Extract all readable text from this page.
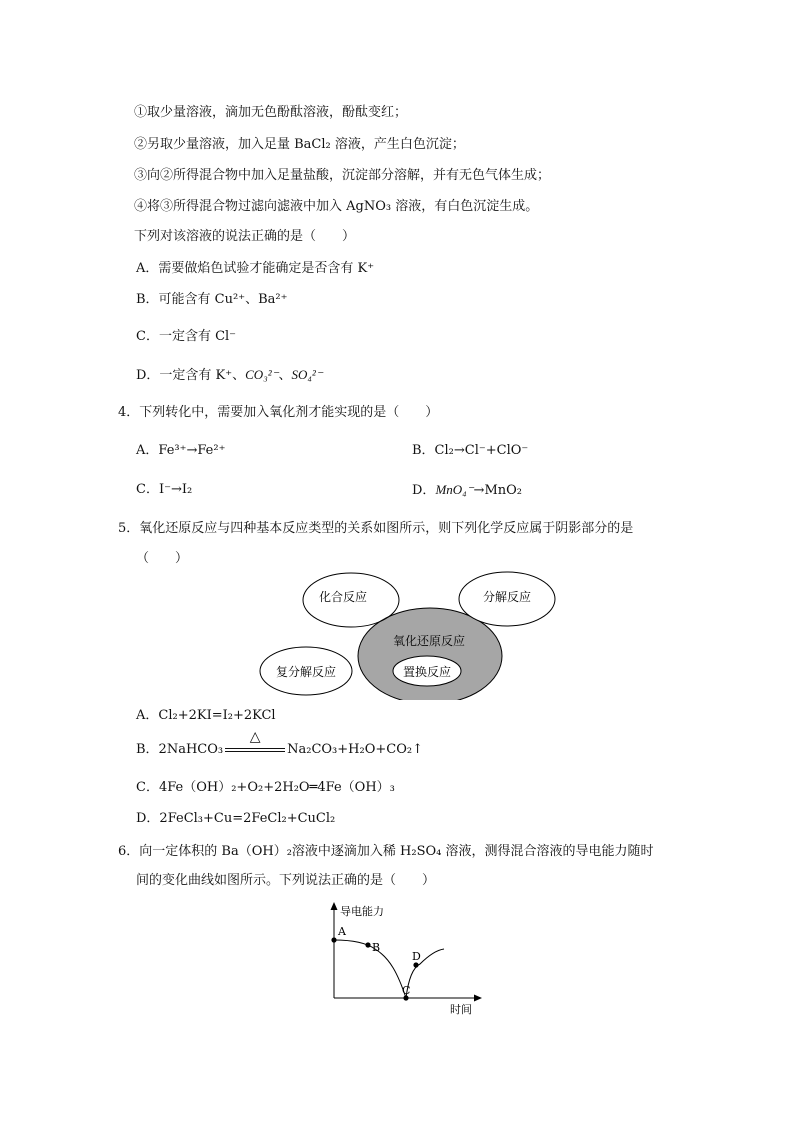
①取少量溶液，滴加无色酚酞溶液，酚酞变红；
②另取少量溶液，加入足量 BaCl₂ 溶液，产生白色沉淀；
③向②所得混合物中加入足量盐酸，沉淀部分溶解，并有无色气体生成；
④将③所得混合物过滤向滤液中加入 AgNO₃ 溶液，有白色沉淀生成。
下列对该溶液的说法正确的是（　　）
A．需要做焰色试验才能确定是否含有 K⁺
B．可能含有 Cu²⁺、Ba²⁺
C．一定含有 Cl⁻
D．一定含有 K⁺、CO₃²⁻、SO₄²⁻
4．下列转化中，需要加入氧化剂才能实现的是（　　）
A．Fe³⁺→Fe²⁺	B．Cl₂→Cl⁻+ClO⁻
C．I⁻→I₂	D．MnO₄⁻→MnO₂
5．氧化还原反应与四种基本反应类型的关系如图所示，则下列化学反应属于阴影部分的是
（　　）
化合反应	分解反应
氧化还原反应
复分解反应	置换反应
A．Cl₂+2KI=I₂+2KCl
B．2NaHCO₃
△
Na₂CO₃+H₂O+CO₂↑
C．4Fe（OH）₂+O₂+2H₂O═4Fe（OH）₃
D．2FeCl₃+Cu=2FeCl₂+CuCl₂
6．向一定体积的 Ba（OH）₂溶液中逐滴加入稀 H₂SO₄ 溶液，测得混合溶液的导电能力随时
间的变化曲线如图所示。下列说法正确的是（　　）
导电能力
时间
A
B
C
D
